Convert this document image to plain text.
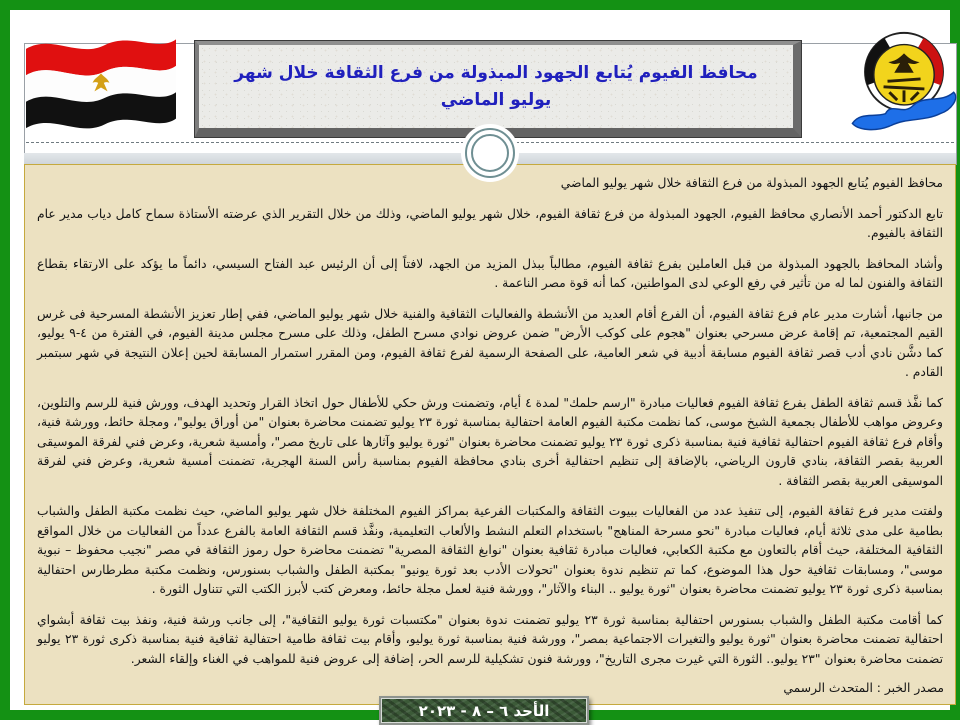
محافظ الفيوم يُتابع الجهود المبذولة من فرع الثقافة خلال شهر يوليو الماضي

محافظ الفيوم يُتابع الجهود المبذولة من فرع الثقافة خلال شهر يوليو الماضي

تابع الدكتور أحمد الأنصاري محافظ الفيوم، الجهود المبذولة من فرع ثقافة الفيوم، خلال شهر يوليو الماضي، وذلك من خلال التقرير الذي عرضته الأستاذة سماح كامل دياب مدير عام الثقافة بالفيوم.

وأشاد المحافظ بالجهود المبذولة من قبل العاملين بفرع ثقافة الفيوم، مطالباً ببذل المزيد من الجهد، لافتاً إلى أن الرئيس عبد الفتاح السيسي، دائماً ما يؤكد على الارتقاء بقطاع الثقافة والفنون لما له من تأثير في رفع الوعي لدى المواطنين، كما أنه قوة مصر الناعمة .

من جانبها، أشارت مدير عام فرع ثقافة الفيوم، أن الفرع أقام العديد من الأنشطة والفعاليات الثقافية والفنية خلال شهر يوليو الماضي، ففي إطار تعزيز الأنشطة المسرحية فى غرس القيم المجتمعية، تم إقامة عرض مسرحي بعنوان "هجوم على كوكب الأرض" ضمن عروض نوادي مسرح الطفل، وذلك على مسرح مجلس مدينة الفيوم، في الفترة من ٤-٩ يوليو، كما دشَّن نادي أدب قصر ثقافة الفيوم مسابقة أدبية في شعر العامية، على الصفحة الرسمية لفرع ثقافة الفيوم، ومن المقرر استمرار المسابقة لحين إعلان النتيجة في شهر سبتمبر القادم .

كما نفَّذ قسم ثقافة الطفل بفرع ثقافة الفيوم فعاليات مبادرة "ارسم حلمك" لمدة ٤ أيام، وتضمنت ورش حكي للأطفال حول اتخاذ القرار وتحديد الهدف، وورش فنية للرسم والتلوين، وعروض مواهب للأطفال بجمعية الشيخ موسى، كما نظمت مكتبة الفيوم العامة احتفالية بمناسبة ثورة ٢٣ يوليو تضمنت محاضرة بعنوان "من أوراق يوليو"، ومجلة حائط، وورشة فنية، وأقام فرع ثقافة الفيوم احتفالية ثقافية فنية بمناسبة ذكرى ثورة ٢٣ يوليو تضمنت محاضرة بعنوان "ثورة يوليو وآثارها على تاريخ مصر"، وأمسية شعرية، وعرض فني لفرقة الموسيقى العربية بقصر الثقافة، بنادي قارون الرياضي، بالإضافة إلى تنظيم احتفالية أخرى بنادي محافظة الفيوم بمناسبة رأس السنة الهجرية، تضمنت أمسية شعرية، وعرض فني لفرقة الموسيقى العربية بقصر الثقافة .

ولفتت مدير فرع ثقافة الفيوم، إلى تنفيذ عدد من الفعاليات ببيوت الثقافة والمكتبات الفرعية بمراكز الفيوم المختلفة خلال شهر يوليو الماضي، حيث نظمت مكتبة الطفل والشباب بطامية على مدى ثلاثة أيام، فعاليات مبادرة "نحو مسرحة المناهج" باستخدام التعلم النشط والألعاب التعليمية، ونفَّذ قسم الثقافة العامة بالفرع عدداً من الفعاليات من خلال المواقع الثقافية المختلفة، حيث أقام بالتعاون مع مكتبة الكعابي، فعاليات مبادرة ثقافية بعنوان "نوابغ الثقافة المصرية" تضمنت محاضرة حول رموز الثقافة في مصر "نجيب محفوظ – نبوية موسى"، ومسابقات ثقافية حول هذا الموضوع، كما تم تنظيم ندوة بعنوان "تحولات الأدب بعد ثورة يونيو" بمكتبة الطفل والشباب بسنورس، ونظمت مكتبة مطرطارس احتفالية بمناسبة ذكرى ثورة ٢٣ يوليو تضمنت محاضرة بعنوان "ثورة يوليو .. البناء والآثار"، وورشة فنية لعمل مجلة حائط، ومعرض كتب لأبرز الكتب التي تتناول الثورة .

كما أقامت مكتبة الطفل والشباب بسنورس احتفالية بمناسبة ثورة ٢٣ يوليو تضمنت ندوة بعنوان "مكتسبات ثورة يوليو الثقافية"، إلى جانب ورشة فنية، ونفذ بيت ثقافة أبشواي احتفالية تضمنت محاضرة بعنوان "ثورة يوليو والتغيرات الاجتماعية بمصر"، وورشة فنية بمناسبة ثورة يوليو، وأقام بيت ثقافة طامية احتفالية ثقافية فنية بمناسبة ذكرى ثورة ٢٣ يوليو تضمنت محاضرة بعنوان "٢٣ يوليو.. الثورة التي غيرت مجرى التاريخ"، وورشة فنون تشكيلية للرسم الحر، إضافة إلى عروض فنية للمواهب في الغناء وإلقاء الشعر.

مصدر الخبر : المتحدث الرسمي
الأحد ٦ – ٨ - ٢٠٢٣
